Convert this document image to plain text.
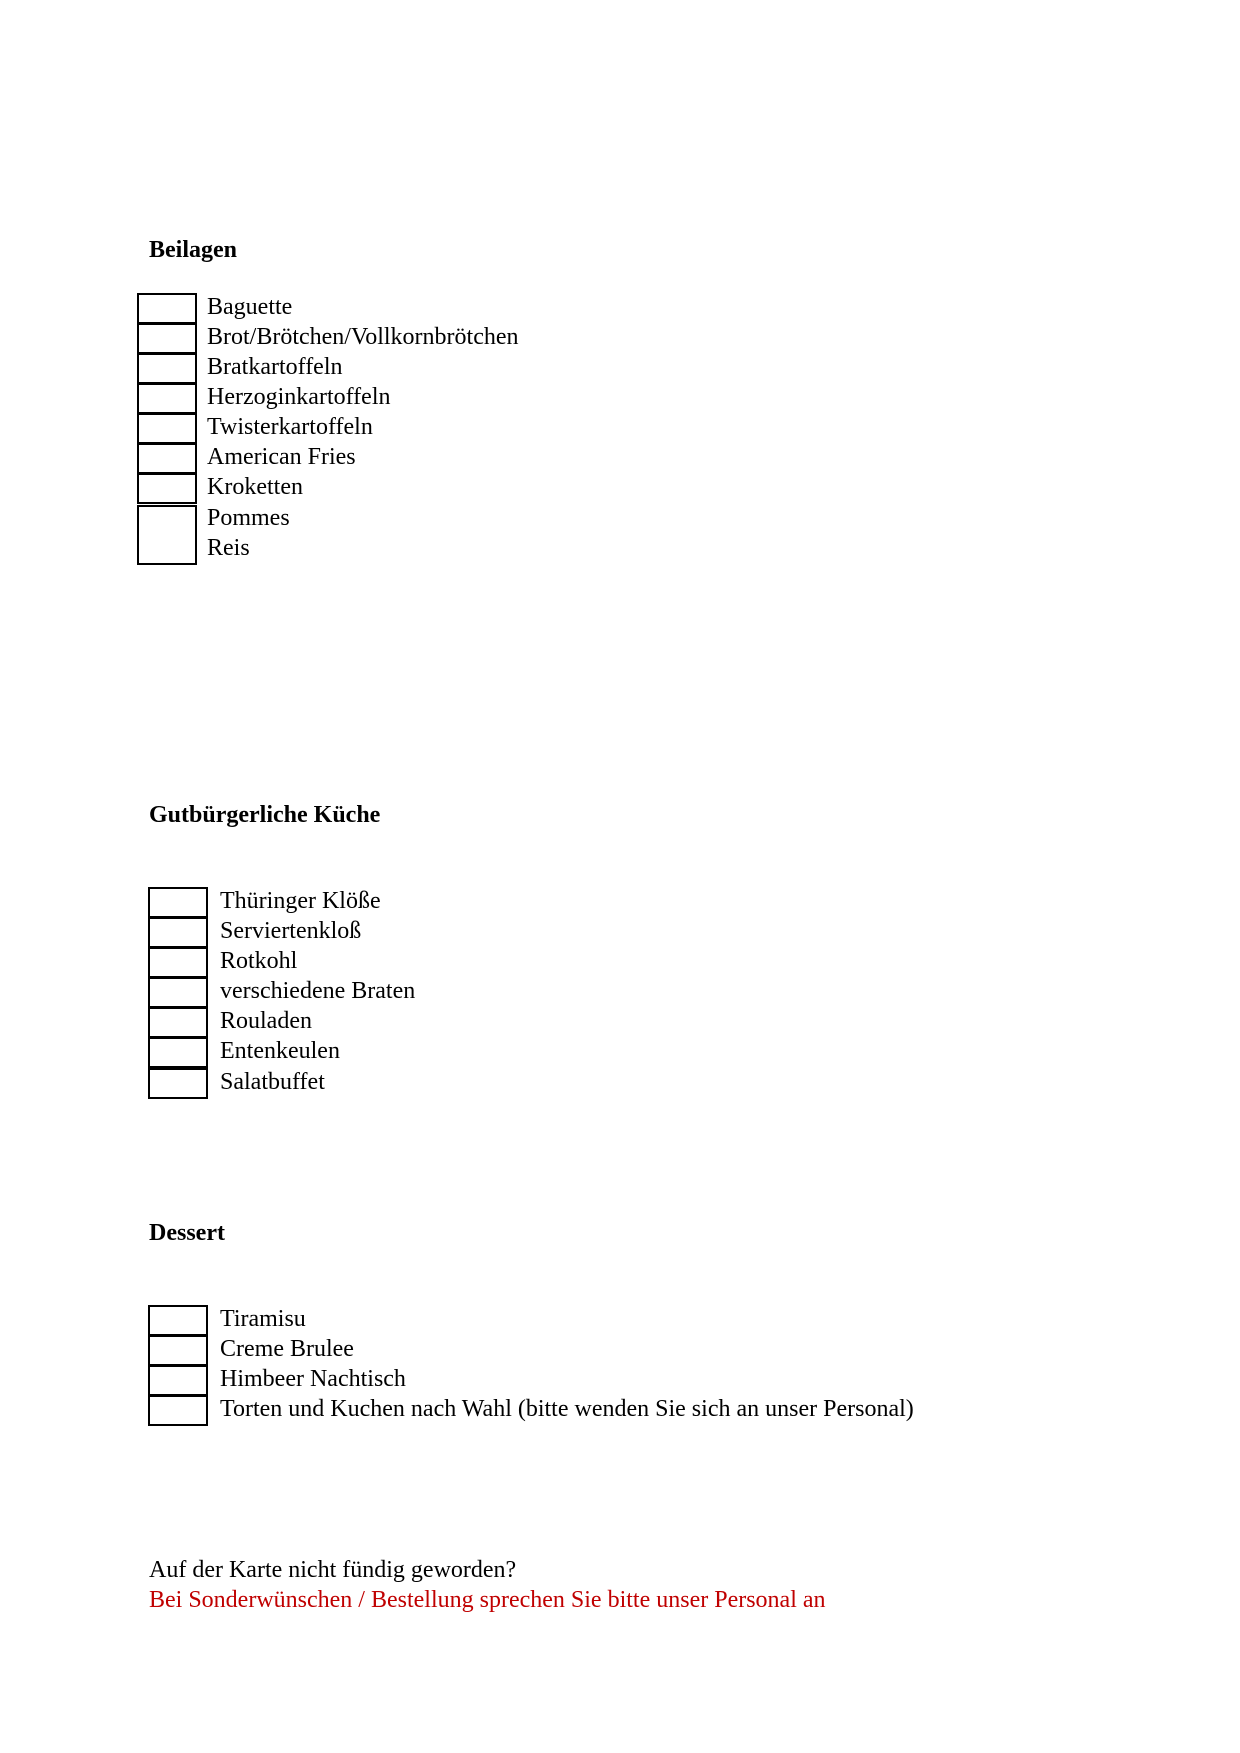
Beilagen
Baguette
Brot/Brötchen/Vollkornbrötchen
Bratkartoffeln
Herzoginkartoffeln
Twisterkartoffeln
American Fries
Kroketten
Pommes
Reis
Gutbürgerliche Küche
Thüringer Klöße
Serviertenkloß
Rotkohl
verschiedene Braten
Rouladen
Entenkeulen
Salatbuffet
Dessert
Tiramisu
Creme Brulee
Himbeer Nachtisch
Torten und Kuchen nach Wahl (bitte wenden Sie sich an unser Personal)

Auf der Karte nicht fündig geworden?

Bei Sonderwünschen / Bestellung sprechen Sie bitte unser Personal an
